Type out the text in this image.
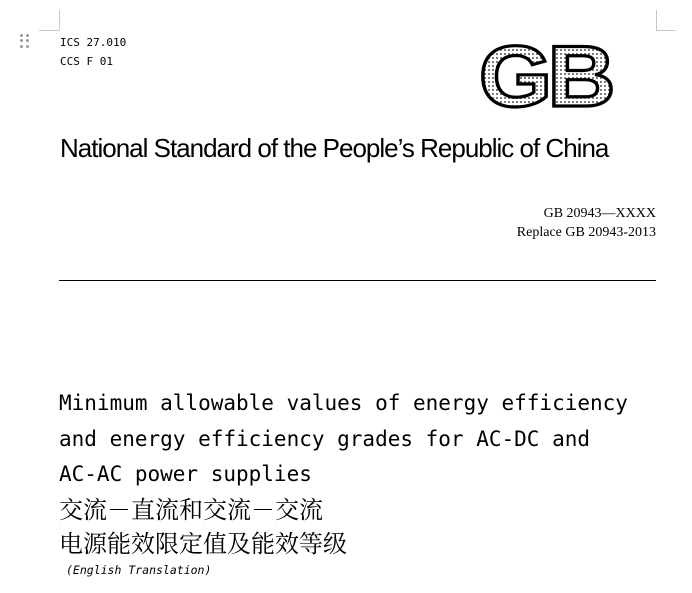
ICS 27.010
CCS F 01	GB
National Standard of the People’s Republic of China
GB 20943—XXXX
Replace GB 20943-2013
Minimum allowable values of energy efficiency
and energy efficiency grades for AC-DC and
AC-AC power supplies
交流－直流和交流－交流
电源能效限定值及能效等级
(English Translation)
